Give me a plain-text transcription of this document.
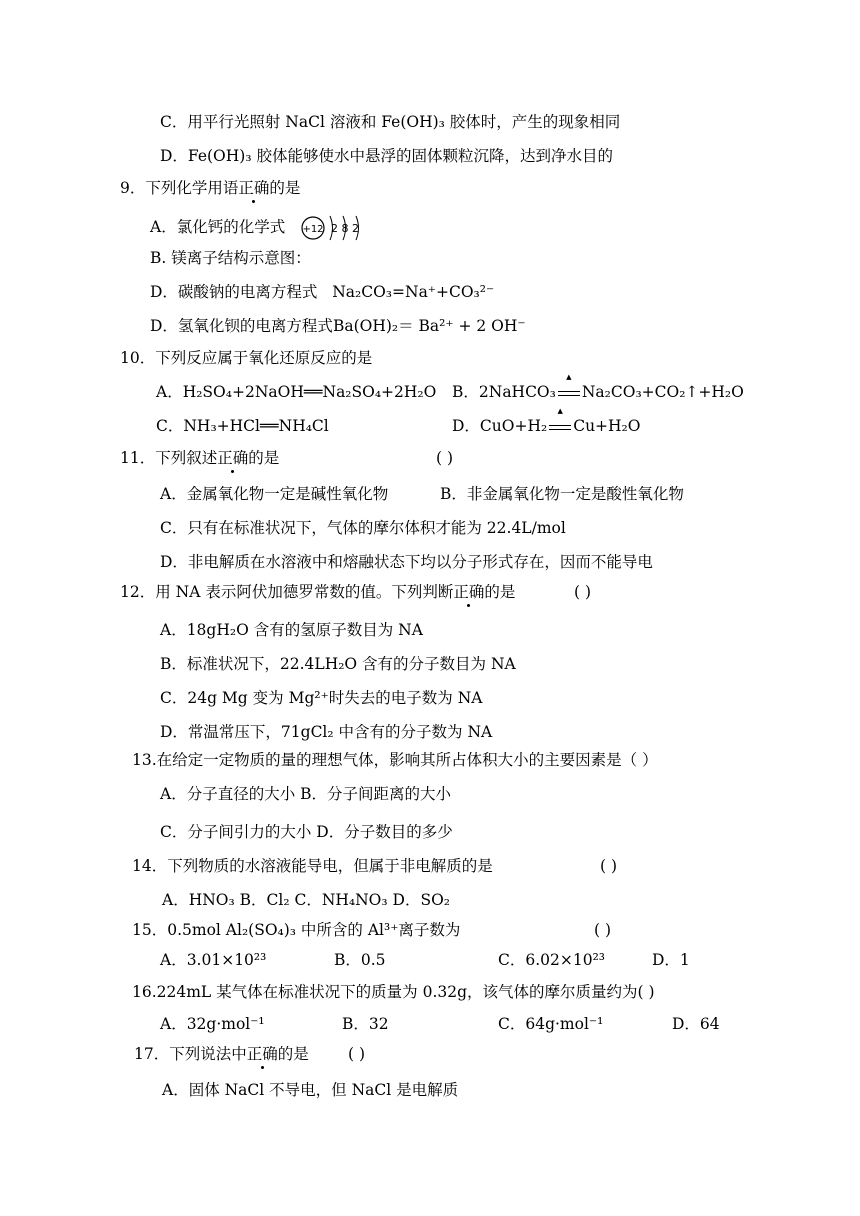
C．用平行光照射 NaCl 溶液和 Fe(OH)₃ 胶体时，产生的现象相同
D．Fe(OH)₃ 胶体能够使水中悬浮的固体颗粒沉降，达到净水目的
9．下列化学用语正确的是
A．氯化钙的化学式 +12 2 8 2
B. 镁离子结构示意图：
D．碳酸钠的电离方程式 Na₂CO₃=Na⁺+CO₃²⁻
D．氢氧化钡的电离方程式Ba(OH)₂＝ Ba²⁺ + 2 OH⁻
10．下列反应属于氧化还原反应的是
A．H₂SO₄+2NaOH══Na₂SO₄+2H₂O B．2NaHCO₃
▲
Na₂CO₃+CO₂↑+H₂O
C．NH₃+HCl══NH₄Cl	D．CuO+H₂
▲
Cu+H₂O
11．下列叙述正确的是	( )
A．金属氧化物一定是碱性氧化物	B．非金属氧化物一定是酸性氧化物
C．只有在标准状况下，气体的摩尔体积才能为 22.4L/mol
D．非电解质在水溶液中和熔融状态下均以分子形式存在，因而不能导电
12．用 NA 表示阿伏加德罗常数的值。下列判断正确的是	( )
A．18gH₂O 含有的氢原子数目为 NA
B．标准状况下，22.4LH₂O 含有的分子数目为 NA
C．24g Mg 变为 Mg²⁺时失去的电子数为 NA
D．常温常压下，71gCl₂ 中含有的分子数为 NA
13.在给定一定物质的量的理想气体，影响其所占体积大小的主要因素是（ ）
A．分子直径的大小 B．分子间距离的大小
C．分子间引力的大小 D．分子数目的多少
14．下列物质的水溶液能导电，但属于非电解质的是	( )
A．HNO₃ B．Cl₂ C．NH₄NO₃ D．SO₂
15．0.5mol Al₂(SO₄)₃ 中所含的 Al³⁺离子数为	( )
A．3.01×10²³	B．0.5	C．6.02×10²³	D．1
16.224mL 某气体在标准状况下的质量为 0.32g，该气体的摩尔质量约为( )
A．32g·mol⁻¹	B．32	C．64g·mol⁻¹	D．64
17．下列说法中正确的是	( )
A．固体 NaCl 不导电，但 NaCl 是电解质
